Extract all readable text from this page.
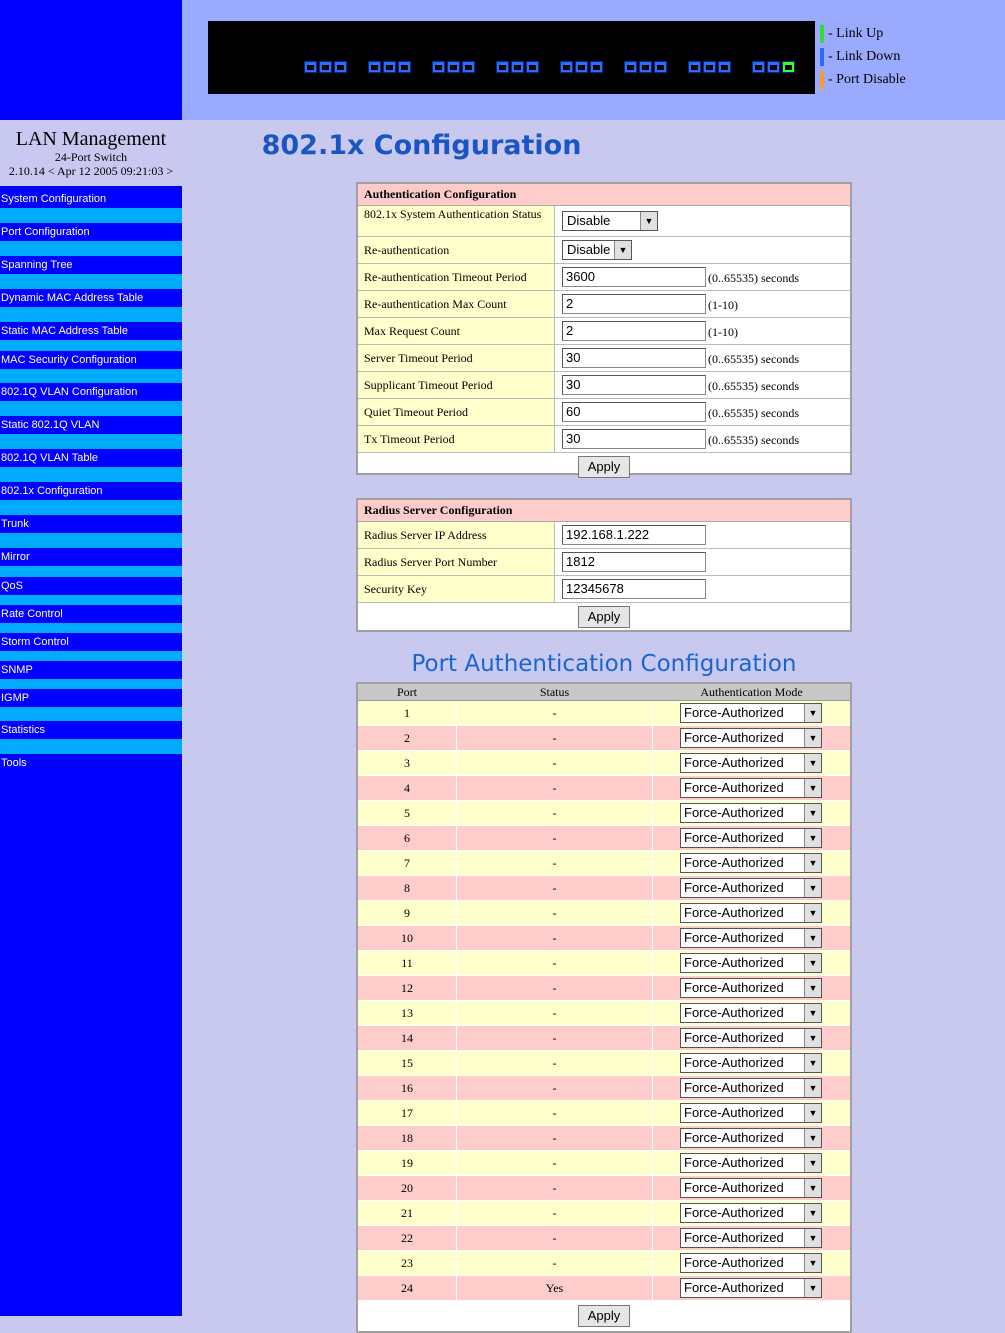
LAN Management
24-Port Switch
2.10.14 < Apr 12 2005 09:21:03 >
System Configuration
Port Configuration
Spanning Tree
Dynamic MAC Address Table
Static MAC Address Table
MAC Security Configuration
802.1Q VLAN Configuration
Static 802.1Q VLAN
802.1Q VLAN Table
802.1x Configuration
Trunk
Mirror
QoS
Rate Control
Storm Control
SNMP
IGMP
Statistics
Tools
- Link Up
- Link Down
- Port Disable
802.1x Configuration
Authentication Configuration
802.1x System Authentication Status	Disable	▼
Re-authentication	Disable ▼
Re-authentication Timeout Period	3600	(0..65535) seconds
Re-authentication Max Count	2	(1-10)
Max Request Count	2	(1-10)
Server Timeout Period	30	(0..65535) seconds
Supplicant Timeout Period	30	(0..65535) seconds
Quiet Timeout Period	60	(0..65535) seconds
Tx Timeout Period	30	(0..65535) seconds
Apply
Radius Server Configuration
Radius Server IP Address	192.168.1.222
Radius Server Port Number	1812
Security Key	12345678
Apply
Port Authentication Configuration
Port	Status	Authentication Mode
1	-	Force-Authorized	▼
2	-	Force-Authorized	▼
3	-	Force-Authorized	▼
4	-	Force-Authorized	▼
5	-	Force-Authorized	▼
6	-	Force-Authorized	▼
7	-	Force-Authorized	▼
8	-	Force-Authorized	▼
9	-	Force-Authorized	▼
10	-	Force-Authorized	▼
11	-	Force-Authorized	▼
12	-	Force-Authorized	▼
13	-	Force-Authorized	▼
14	-	Force-Authorized	▼
15	-	Force-Authorized	▼
16	-	Force-Authorized	▼
17	-	Force-Authorized	▼
18	-	Force-Authorized	▼
19	-	Force-Authorized	▼
20	-	Force-Authorized	▼
21	-	Force-Authorized	▼
22	-	Force-Authorized	▼
23	-	Force-Authorized	▼
24	Yes	Force-Authorized	▼
Apply
